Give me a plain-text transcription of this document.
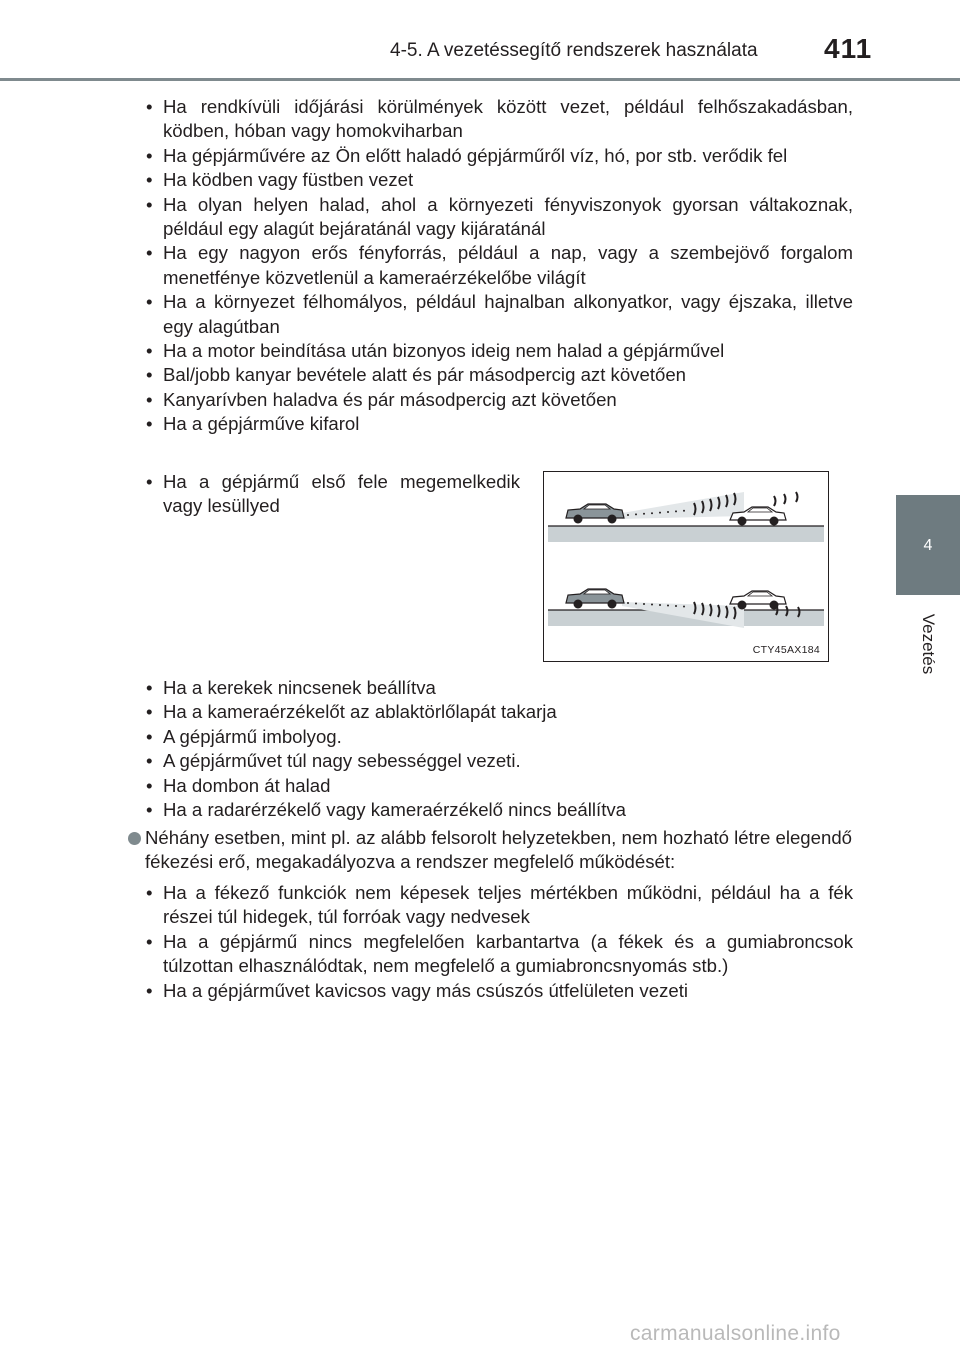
4-5. A vezetéssegítő rendszerek használata 411
4
Vezetés
• Ha rendkívüli időjárási körülmények között vezet, például felhőszakadásban, ködben, hóban vagy homokviharban
• Ha gépjárművére az Ön előtt haladó gépjárműről víz, hó, por stb. verődik fel
• Ha ködben vagy füstben vezet
• Ha olyan helyen halad, ahol a környezeti fényviszonyok gyorsan váltakoznak, például egy alagút bejáratánál vagy kijáratánál
• Ha egy nagyon erős fényforrás, például a nap, vagy a szembejövő forgalom menetfénye közvetlenül a kameraérzékelőbe világít
• Ha a környezet félhomályos, például hajnalban alkonyatkor, vagy éjszaka, illetve egy alagútban
• Ha a motor beindítása után bizonyos ideig nem halad a gépjárművel
• Bal/jobb kanyar bevétele alatt és pár másodpercig azt követően
• Kanyarívben haladva és pár másodpercig azt követően
• Ha a gépjárműve kifarol
• Ha a gépjármű első fele megemelkedik vagy lesüllyed
CTY45AX184
• Ha a kerekek nincsenek beállítva
• Ha a kameraérzékelőt az ablaktörlőlapát takarja
• A gépjármű imbolyog.
• A gépjárművet túl nagy sebességgel vezeti.
• Ha dombon át halad
• Ha a radarérzékelő vagy kameraérzékelő nincs beállítva
Néhány esetben, mint pl. az alább felsorolt helyzetekben, nem hozható létre elegendő fékezési erő, megakadályozva a rendszer megfelelő működését:
• Ha a fékező funkciók nem képesek teljes mértékben működni, például ha a fék részei túl hidegek, túl forróak vagy nedvesek
• Ha a gépjármű nincs megfelelően karbantartva (a fékek és a gumiabroncsok túlzottan elhasználódtak, nem megfelelő a gumiabroncsnyomás stb.)
• Ha a gépjárművet kavicsos vagy más csúszós útfelületen vezeti
carmanualsonline.info
